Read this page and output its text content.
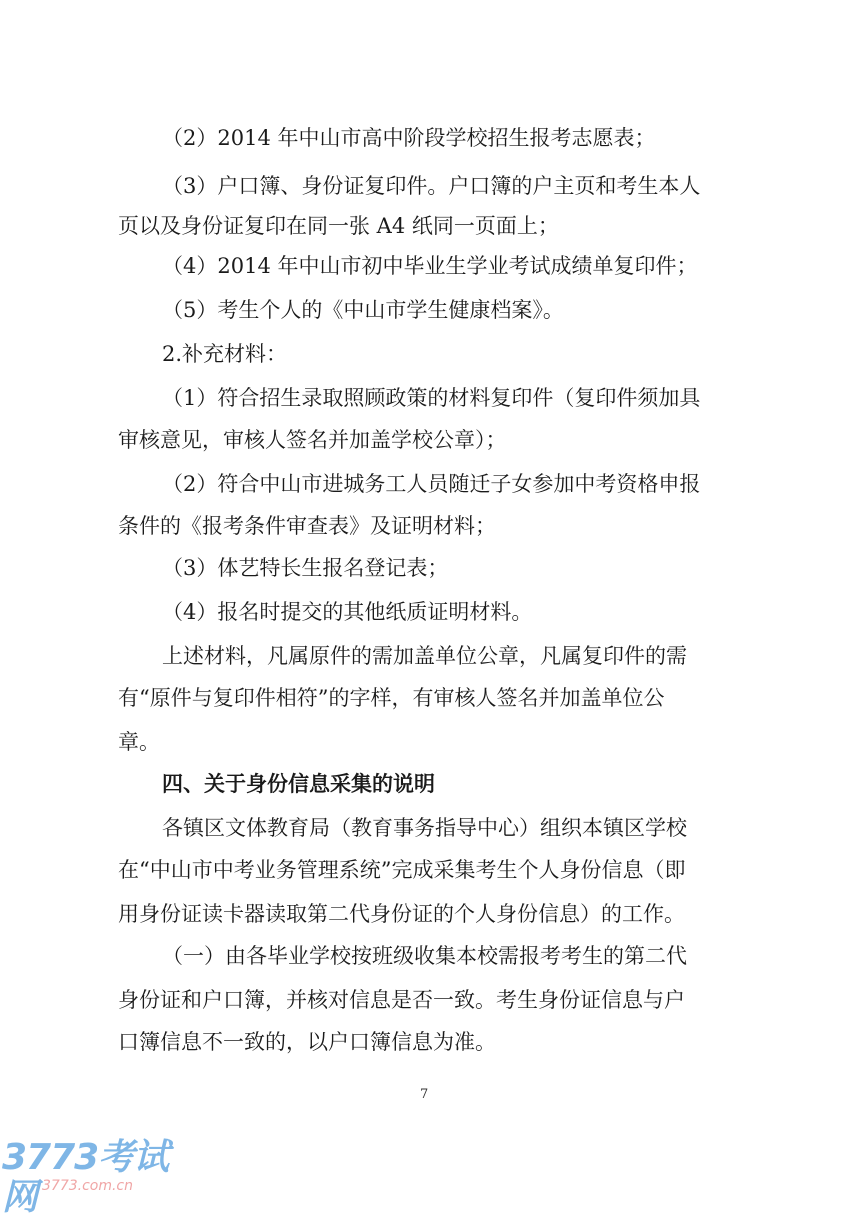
（2）2014 年中山市高中阶段学校招生报考志愿表；
（3）户口簿、身份证复印件。户口簿的户主页和考生本人
页以及身份证复印在同一张 A4 纸同一页面上；
（4）2014 年中山市初中毕业生学业考试成绩单复印件；
（5）考生个人的《中山市学生健康档案》。
2.补充材料：
（1）符合招生录取照顾政策的材料复印件（复印件须加具
审核意见，审核人签名并加盖学校公章）；
（2）符合中山市进城务工人员随迁子女参加中考资格申报
条件的《报考条件审查表》及证明材料；
（3）体艺特长生报名登记表；
（4）报名时提交的其他纸质证明材料。
上述材料，凡属原件的需加盖单位公章，凡属复印件的需
有“原件与复印件相符”的字样，有审核人签名并加盖单位公
章。
四、关于身份信息采集的说明
各镇区文体教育局（教育事务指导中心）组织本镇区学校
在“中山市中考业务管理系统”完成采集考生个人身份信息（即
用身份证读卡器读取第二代身份证的个人身份信息）的工作。
（一）由各毕业学校按班级收集本校需报考考生的第二代
身份证和户口簿，并核对信息是否一致。考生身份证信息与户
口簿信息不一致的，以户口簿信息为准。
7
3773考试网 3773.com.cn
